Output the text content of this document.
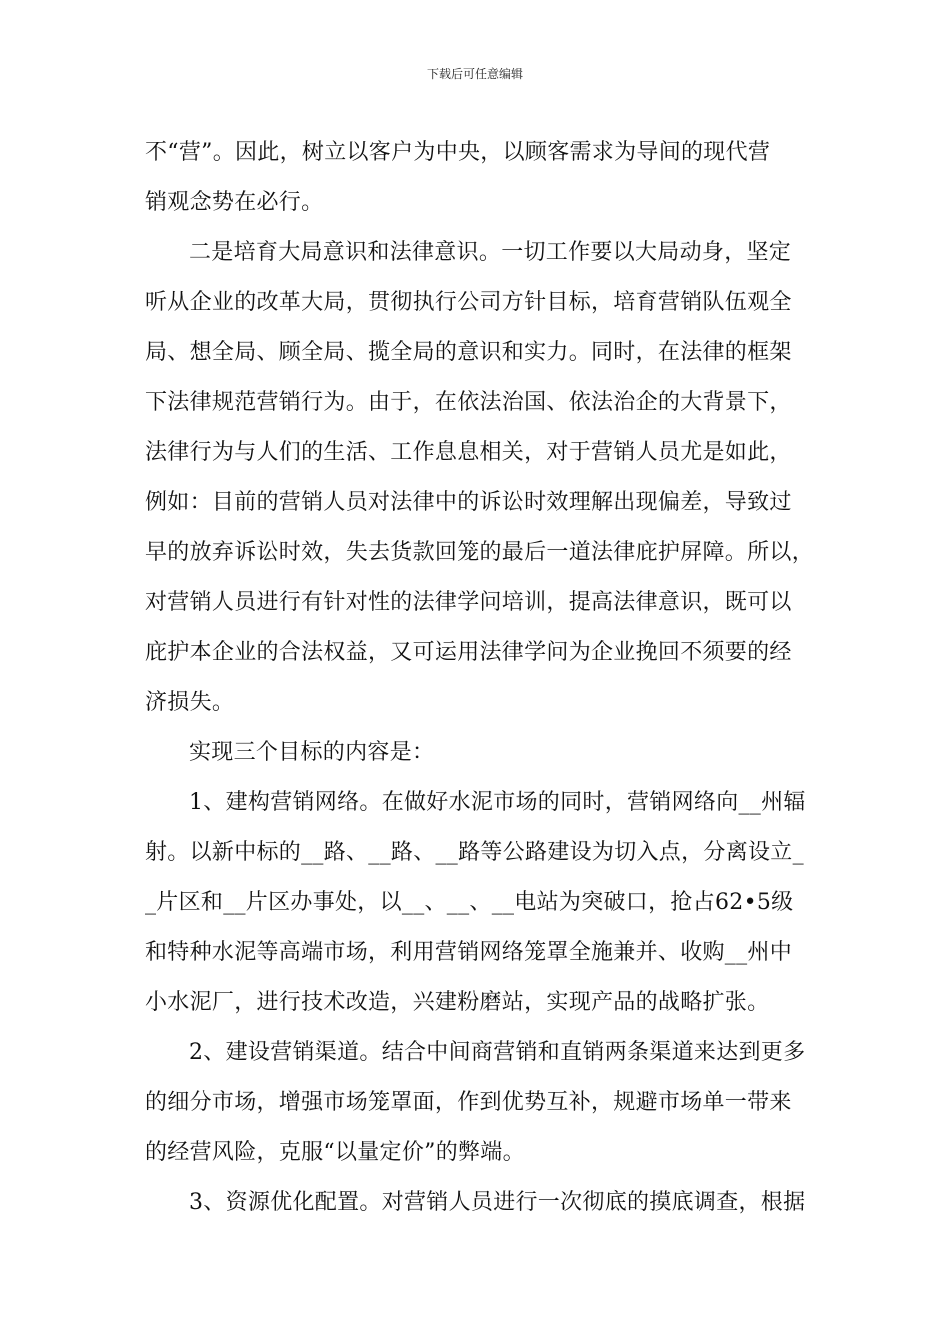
下载后可任意编辑
不“营”。因此，树立以客户为中央，以顾客需求为导间的现代营
销观念势在必行。
二是培育大局意识和法律意识。一切工作要以大局动身，坚定
听从企业的改革大局，贯彻执行公司方针目标，培育营销队伍观全
局、想全局、顾全局、揽全局的意识和实力。同时，在法律的框架
下法律规范营销行为。由于，在依法治国、依法治企的大背景下，
法律行为与人们的生活、工作息息相关，对于营销人员尤是如此，
例如：目前的营销人员对法律中的诉讼时效理解出现偏差，导致过
早的放弃诉讼时效，失去货款回笼的最后一道法律庇护屏障。所以，
对营销人员进行有针对性的法律学问培训，提高法律意识，既可以
庇护本企业的合法权益，又可运用法律学问为企业挽回不须要的经
济损失。
实现三个目标的内容是：
1、建构营销网络。在做好水泥市场的同时，营销网络向__州辐
射。以新中标的__路、__路、__路等公路建设为切入点，分离设立_
_片区和__片区办事处，以__、__、__电站为突破口，抢占62•5级
和特种水泥等高端市场，利用营销网络笼罩全施兼并、收购__州中
小水泥厂，进行技术改造，兴建粉磨站，实现产品的战略扩张。
2、建设营销渠道。结合中间商营销和直销两条渠道来达到更多
的细分市场，增强市场笼罩面，作到优势互补，规避市场单一带来
的经营风险，克服“以量定价”的弊端。
3、资源优化配置。对营销人员进行一次彻底的摸底调查，根据
